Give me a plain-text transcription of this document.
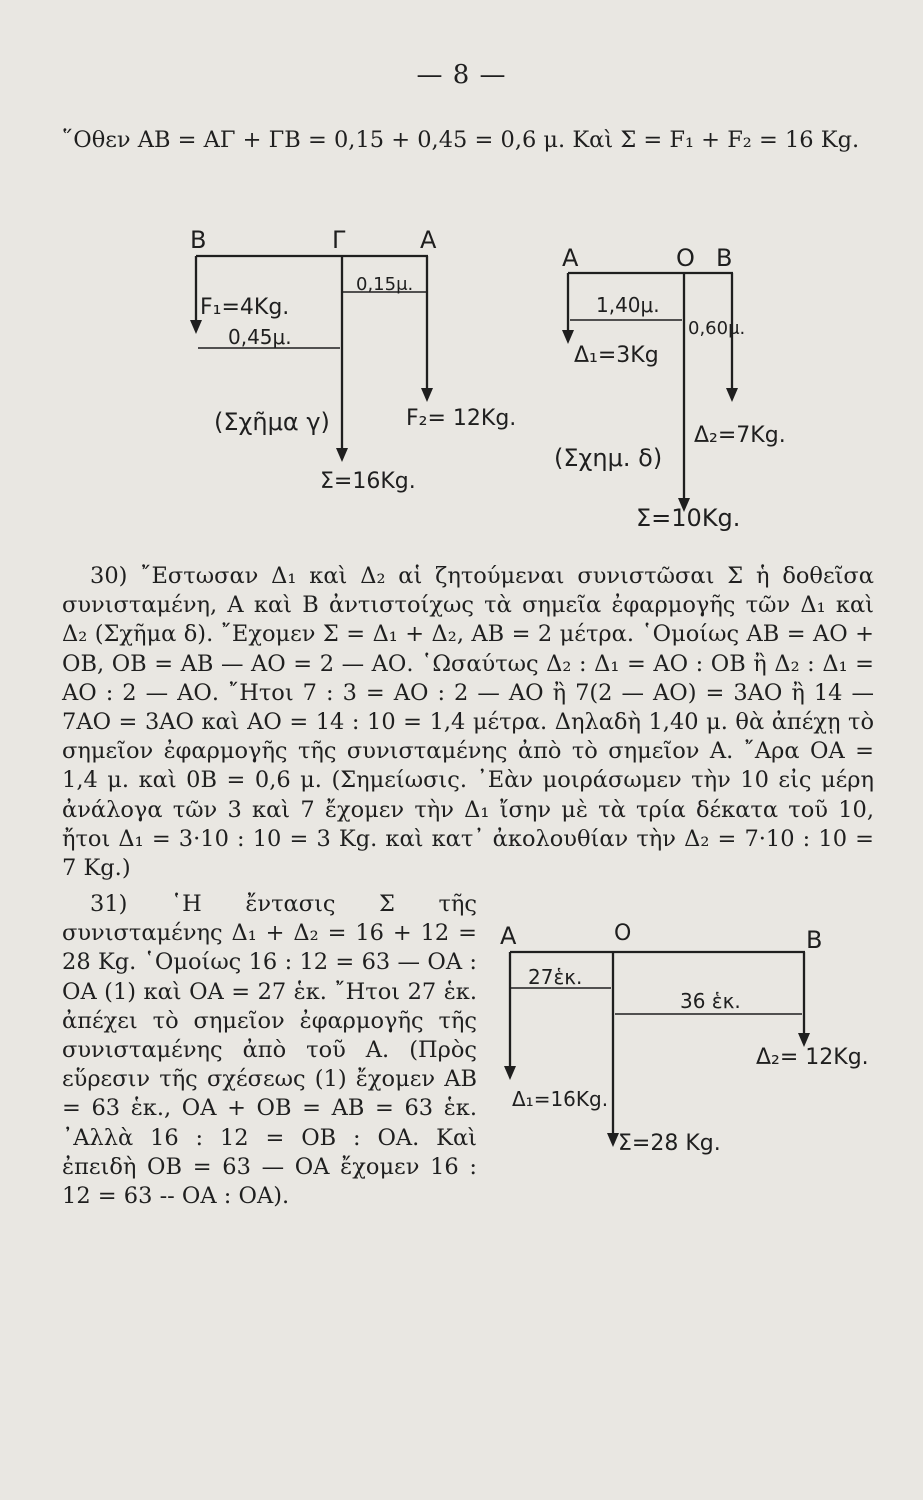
— 8 —
῞Οθεν ΑΒ = ΑΓ + ΓΒ = 0,15 + 0,45 = 0,6 μ. Καὶ Σ = F₁ + F₂ = 16 Kg.
B	Γ	A
F₁=4Kg.
0,15μ.
0,45μ.
(Σχῆμα γ)	F₂= 12Kg.
Σ=16Kg.
A	O B
1,40μ.
0,60μ.
Δ₁=3Kg
Δ₂=7Kg.
(Σχημ. δ)
Σ=10Kg.
30) ῎Εστωσαν Δ₁ καὶ Δ₂ αἱ ζητούμεναι συνιστῶσαι Σ ἡ δοθεῖσα συνισταμένη, Α καὶ Β ἀντιστοίχως τὰ σημεῖα ἐφαρμογῆς τῶν Δ₁ καὶ Δ₂ (Σχῆμα δ). ῎Εχομεν Σ = Δ₁ + Δ₂, ΑΒ = 2 μέτρα. ῾Ομοίως ΑΒ = ΑΟ + ΟΒ, ΟΒ = ΑΒ — ΑΟ = 2 — ΑΟ. ῾Ωσαύτως Δ₂ : Δ₁ = ΑΟ : ΟΒ ἢ Δ₂ : Δ₁ = ΑΟ : 2 — ΑΟ. ῎Ητοι 7 : 3 = ΑΟ : 2 — ΑΟ ἢ 7(2 — ΑΟ) = 3ΑΟ ἢ 14 — 7ΑΟ = 3ΑΟ καὶ ΑΟ = 14 : 10 = 1,4 μέτρα. Δηλαδὴ 1,40 μ. θὰ ἀπέχῃ τὸ σημεῖον ἐφαρμογῆς τῆς συνισταμένης ἀπὸ τὸ σημεῖον Α. ῎Αρα ΟΑ = 1,4 μ. καὶ 0Β = 0,6 μ. (Σημείωσις. ᾿Εὰν μοιράσωμεν τὴν 10 εἰς μέρη ἀνάλογα τῶν 3 καὶ 7 ἔχομεν τὴν Δ₁ ἴσην μὲ τὰ τρία δέκατα τοῦ 10, ἤτοι Δ₁ = 3·10 : 10 = 3 Kg. καὶ κατ᾽ ἀκολουθίαν τὴν Δ₂ = 7·10 : 10 = 7 Kg.)
31) ῾Η ἔντασις Σ τῆς συνισταμένης Δ₁ + Δ₂ = 16 + 12 = 28 Kg. ῾Ομοίως 16 : 12 = 63 — ΟΑ : ΟΑ (1) καὶ ΟΑ = 27 ἑκ. ῎Ητοι 27 ἑκ. ἀπέχει τὸ σημεῖον ἐφαρμογῆς τῆς συνισταμένης ἀπὸ τοῦ Α. (Πρὸς εὕρεσιν τῆς σχέσεως (1) ἔχομεν ΑΒ = 63 ἑκ., ΟΑ + ΟΒ = ΑΒ = 63 ἑκ. ᾽Αλλὰ 16 : 12 = ΟΒ : ΟΑ. Καὶ ἐπειδὴ ΟΒ = 63 — ΟΑ ἔχομεν 16 : 12 = 63 -- ΟΑ : ΟΑ).
A	O	B
27ἑκ.
36 ἑκ.
Δ₂= 12Kg.
Δ₁=16Kg.
Σ=28 Kg.
